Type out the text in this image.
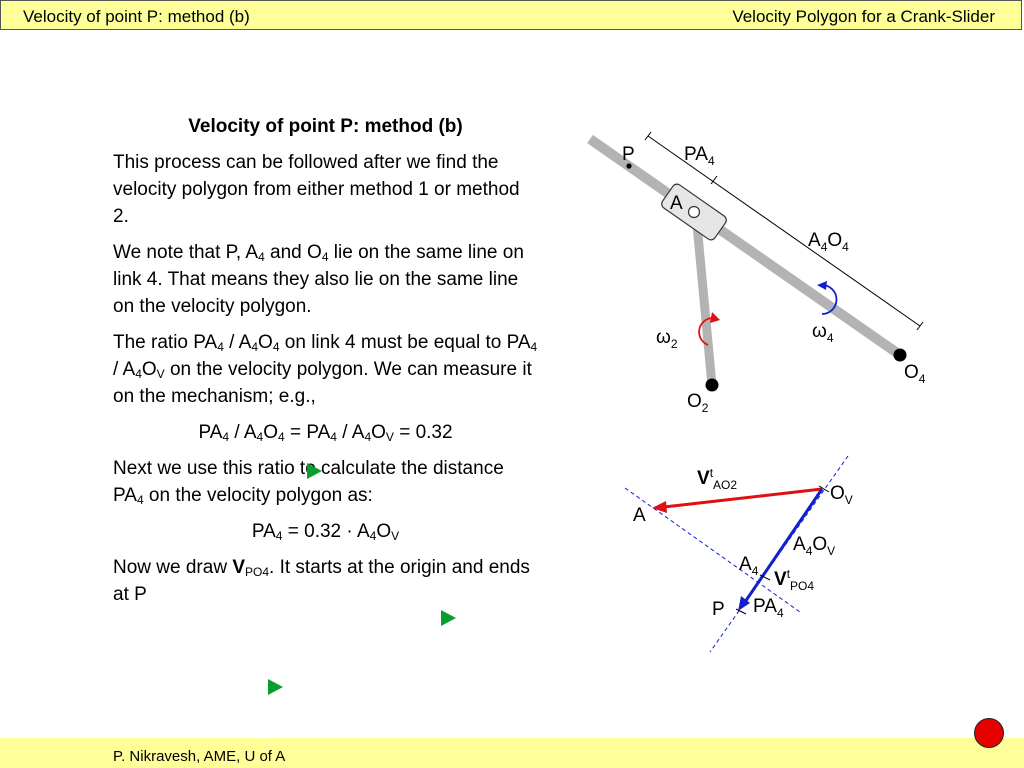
Velocity of point P: method (b)	Velocity Polygon for a Crank-Slider

Velocity of point P: method (b)

This process can be followed after we find the velocity polygon from either method 1 or method 2.

We note that P, $A_4$ and $O_4$ lie on the same line on link 4. That means they also lie on the same line on the velocity polygon.

The ratio $PA_4 / A_4O_4$ on link 4 must be equal to $PA_4 / A_4O_V$ on the velocity polygon. We can measure it on the mechanism; e.g.,

$PA_4 / A_4O_4 = PA_4 / A_4O_V = 0.32$

Next we use this ratio to calculate the distance $PA_4$ on the velocity polygon as:

$PA_4 = 0.32 \cdot A_4O_V$

Now we draw $V_{PO4}$. It starts at the origin and ends at P

P	$PA_4$
A
$A_4O_4$
$\omega_4$
$\omega_2$
$O_4$
$O_2$
$V^t_{AO2}$	$O_V$
A
$A_4O_V$
$A_4$ $V^t_{PO4}$
P $PA_4$
P. Nikravesh, AME, U of A
